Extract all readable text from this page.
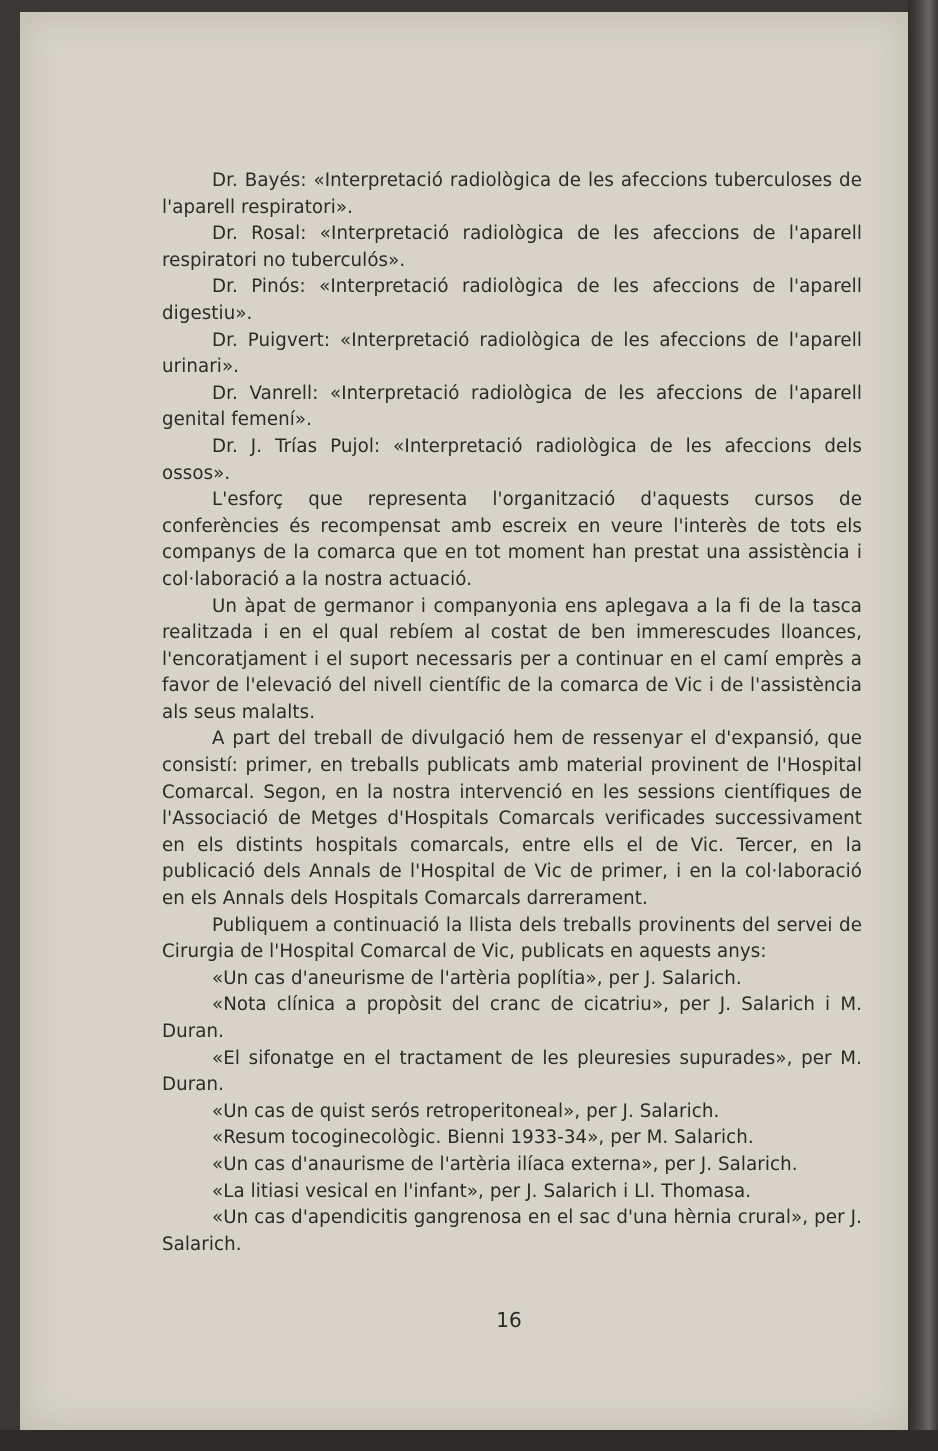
Dr. Bayés: «Interpretació radiològica de les afeccions tuberculoses de l'aparell respiratori».

Dr. Rosal: «Interpretació radiològica de les afeccions de l'aparell respiratori no tuberculós».

Dr. Pinós: «Interpretació radiològica de les afeccions de l'aparell digestiu».

Dr. Puigvert: «Interpretació radiològica de les afeccions de l'aparell urinari».

Dr. Vanrell: «Interpretació radiològica de les afeccions de l'aparell genital femení».

Dr. J. Trías Pujol: «Interpretació radiològica de les afeccions dels ossos».

L'esforç que representa l'organització d'aquests cursos de conferències és recompensat amb escreix en veure l'interès de tots els companys de la comarca que en tot moment han prestat una assistència i col·laboració a la nostra actuació.

Un àpat de germanor i companyonia ens aplegava a la fi de la tasca realitzada i en el qual rebíem al costat de ben immerescudes lloances, l'encoratjament i el suport necessaris per a continuar en el camí emprès a favor de l'elevació del nivell científic de la comarca de Vic i de l'assistència als seus malalts.

A part del treball de divulgació hem de ressenyar el d'expansió, que consistí: primer, en treballs publicats amb material provinent de l'Hospital Comarcal. Segon, en la nostra intervenció en les sessions científiques de l'Associació de Metges d'Hospitals Comarcals verificades successivament en els distints hospitals comarcals, entre ells el de Vic. Tercer, en la publicació dels Annals de l'Hospital de Vic de primer, i en la col·laboració en els Annals dels Hospitals Comarcals darrerament.

Publiquem a continuació la llista dels treballs provinents del servei de Cirurgia de l'Hospital Comarcal de Vic, publicats en aquests anys:

«Un cas d'aneurisme de l'artèria poplítia», per J. Salarich.

«Nota clínica a propòsit del cranc de cicatriu», per J. Salarich i M. Duran.

«El sifonatge en el tractament de les pleuresies supurades», per M. Duran.

«Un cas de quist serós retroperitoneal», per J. Salarich.

«Resum tocoginecològic. Bienni 1933-34», per M. Salarich.

«Un cas d'anaurisme de l'artèria ilíaca externa», per J. Salarich.

«La litiasi vesical en l'infant», per J. Salarich i Ll. Thomasa.

«Un cas d'apendicitis gangrenosa en el sac d'una hèrnia crural», per J. Salarich.

16
